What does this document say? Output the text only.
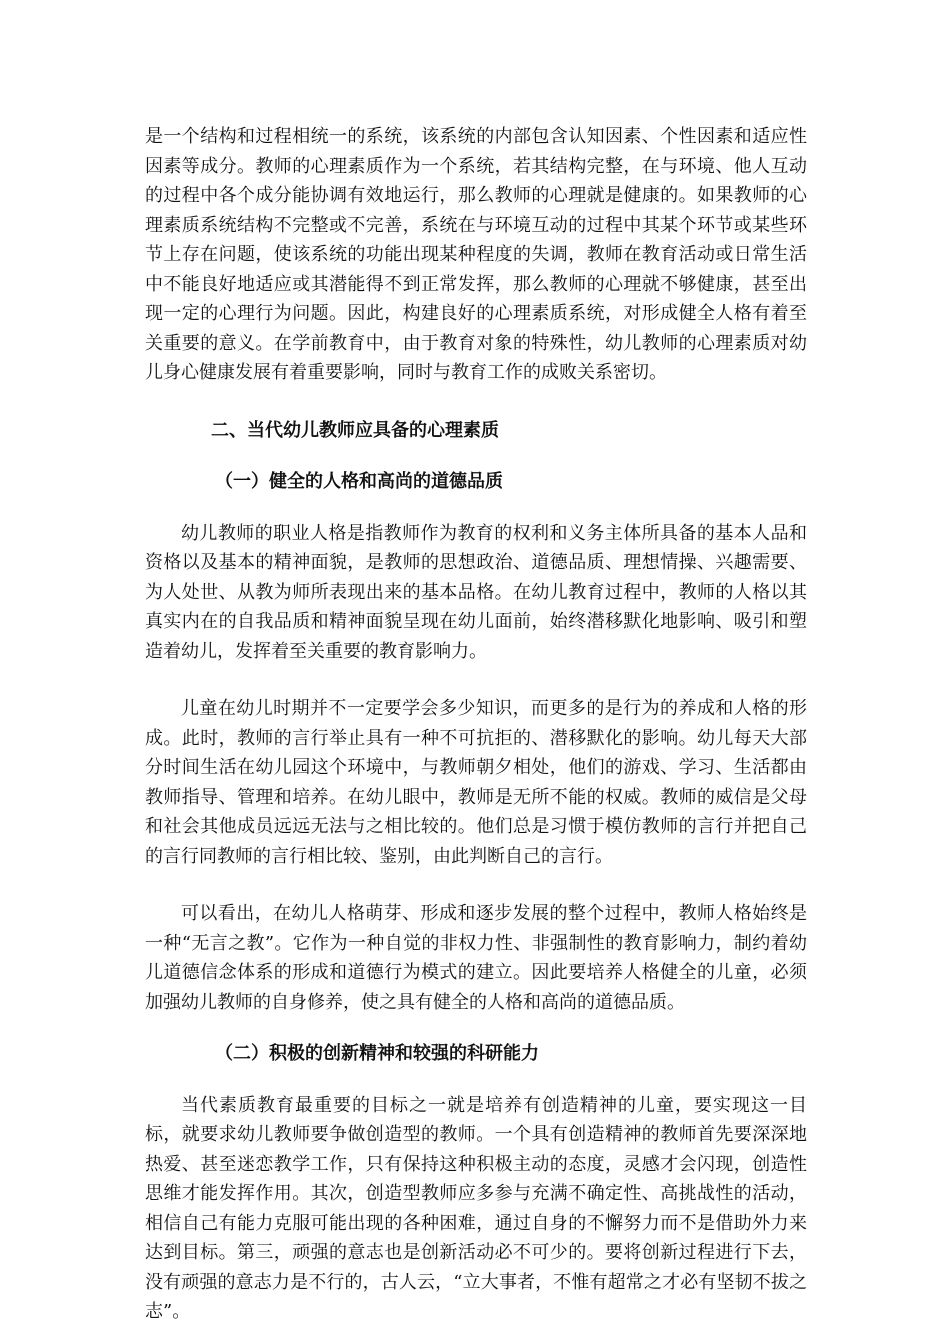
是一个结构和过程相统一的系统，该系统的内部包含认知因素、个性因素和适应性因素等成分。教师的心理素质作为一个系统，若其结构完整，在与环境、他人互动的过程中各个成分能协调有效地运行，那么教师的心理就是健康的。如果教师的心理素质系统结构不完整或不完善，系统在与环境互动的过程中其某个环节或某些环节上存在问题，使该系统的功能出现某种程度的失调，教师在教育活动或日常生活中不能良好地适应或其潜能得不到正常发挥，那么教师的心理就不够健康，甚至出现一定的心理行为问题。因此，构建良好的心理素质系统，对形成健全人格有着至关重要的意义。在学前教育中，由于教育对象的特殊性，幼儿教师的心理素质对幼儿身心健康发展有着重要影响，同时与教育工作的成败关系密切。

二、当代幼儿教师应具备的心理素质

（一）健全的人格和高尚的道德品质

幼儿教师的职业人格是指教师作为教育的权利和义务主体所具备的基本人品和资格以及基本的精神面貌，是教师的思想政治、道德品质、理想情操、兴趣需要、为人处世、从教为师所表现出来的基本品格。在幼儿教育过程中，教师的人格以其真实内在的自我品质和精神面貌呈现在幼儿面前，始终潜移默化地影响、吸引和塑造着幼儿，发挥着至关重要的教育影响力。

儿童在幼儿时期并不一定要学会多少知识，而更多的是行为的养成和人格的形成。此时，教师的言行举止具有一种不可抗拒的、潜移默化的影响。幼儿每天大部分时间生活在幼儿园这个环境中，与教师朝夕相处，他们的游戏、学习、生活都由教师指导、管理和培养。在幼儿眼中，教师是无所不能的权威。教师的威信是父母和社会其他成员远远无法与之相比较的。他们总是习惯于模仿教师的言行并把自己的言行同教师的言行相比较、鉴别，由此判断自己的言行。

可以看出，在幼儿人格萌芽、形成和逐步发展的整个过程中，教师人格始终是一种“无言之教”。它作为一种自觉的非权力性、非强制性的教育影响力，制约着幼儿道德信念体系的形成和道德行为模式的建立。因此要培养人格健全的儿童，必须加强幼儿教师的自身修养，使之具有健全的人格和高尚的道德品质。

（二）积极的创新精神和较强的科研能力

当代素质教育最重要的目标之一就是培养有创造精神的儿童，要实现这一目标，就要求幼儿教师要争做创造型的教师。一个具有创造精神的教师首先要深深地热爱、甚至迷恋教学工作，只有保持这种积极主动的态度，灵感才会闪现，创造性思维才能发挥作用。其次，创造型教师应多参与充满不确定性、高挑战性的活动，相信自己有能力克服可能出现的各种困难，通过自身的不懈努力而不是借助外力来达到目标。第三，顽强的意志也是创新活动必不可少的。要将创新过程进行下去，没有顽强的意志力是不行的，古人云，“立大事者，不惟有超常之才必有坚韧不拔之志”。
